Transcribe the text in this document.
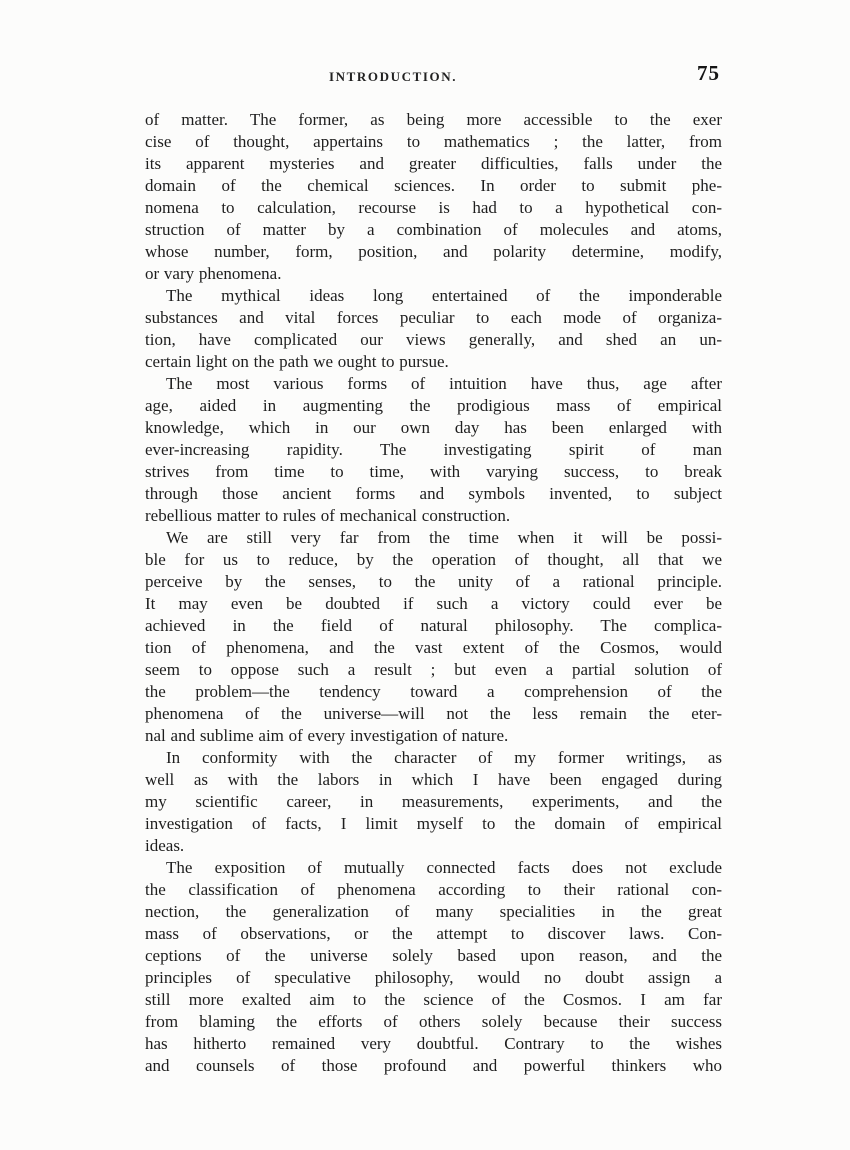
INTRODUCTION.	75
of matter. The former, as being more accessible to the exer
cise of thought, appertains to mathematics ; the latter, from
its apparent mysteries and greater difficulties, falls under the
domain of the chemical sciences. In order to submit phe-
nomena to calculation, recourse is had to a hypothetical con-
struction of matter by a combination of molecules and atoms,
whose number, form, position, and polarity determine, modify,
or vary phenomena.
The mythical ideas long entertained of the imponderable
substances and vital forces peculiar to each mode of organiza-
tion, have complicated our views generally, and shed an un-
certain light on the path we ought to pursue.
The most various forms of intuition have thus, age after
age, aided in augmenting the prodigious mass of empirical
knowledge, which in our own day has been enlarged with
ever-increasing rapidity. The investigating spirit of man
strives from time to time, with varying success, to break
through those ancient forms and symbols invented, to subject
rebellious matter to rules of mechanical construction.
We are still very far from the time when it will be possi-
ble for us to reduce, by the operation of thought, all that we
perceive by the senses, to the unity of a rational principle.
It may even be doubted if such a victory could ever be
achieved in the field of natural philosophy. The complica-
tion of phenomena, and the vast extent of the Cosmos, would
seem to oppose such a result ; but even a partial solution of
the problem—the tendency toward a comprehension of the
phenomena of the universe—will not the less remain the eter-
nal and sublime aim of every investigation of nature.
In conformity with the character of my former writings, as
well as with the labors in which I have been engaged during
my scientific career, in measurements, experiments, and the
investigation of facts, I limit myself to the domain of empirical
ideas.
The exposition of mutually connected facts does not exclude
the classification of phenomena according to their rational con-
nection, the generalization of many specialities in the great
mass of observations, or the attempt to discover laws. Con-
ceptions of the universe solely based upon reason, and the
principles of speculative philosophy, would no doubt assign a
still more exalted aim to the science of the Cosmos. I am far
from blaming the efforts of others solely because their success
has hitherto remained very doubtful. Contrary to the wishes
and counsels of those profound and powerful thinkers who
